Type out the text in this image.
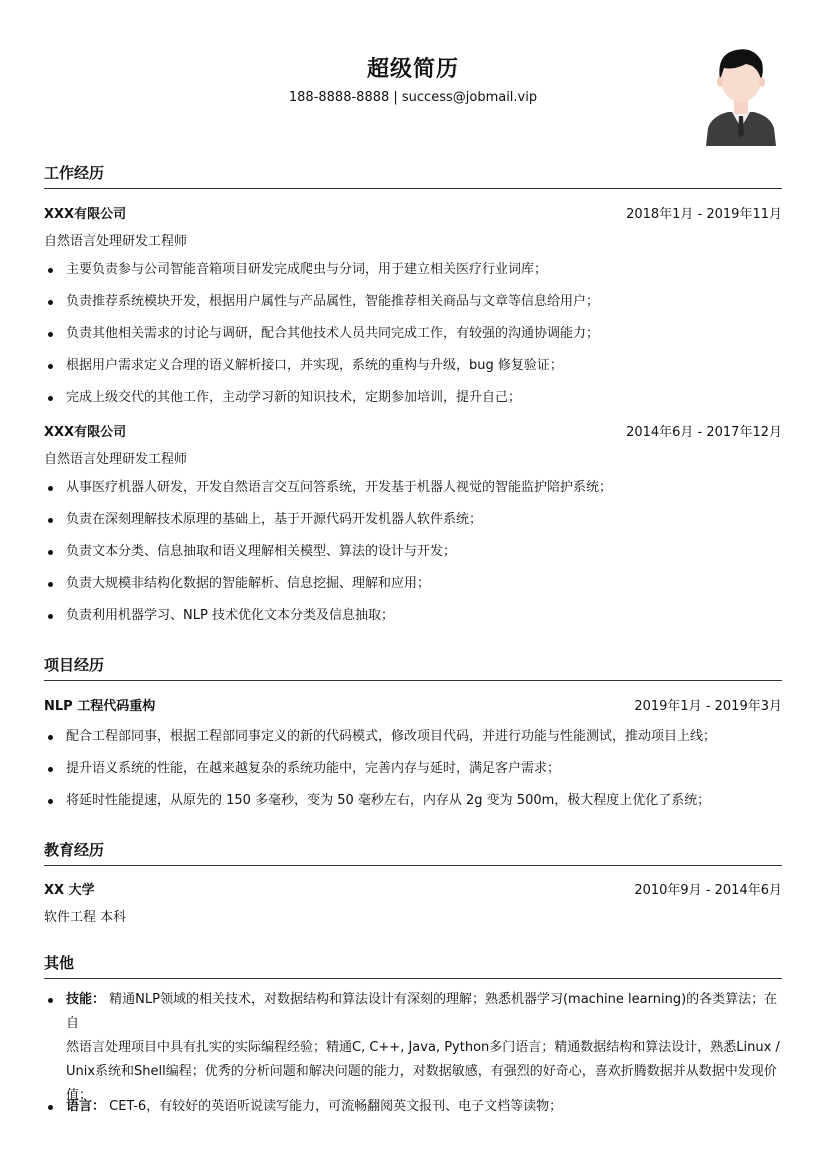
超级简历
188-8888-8888 | success@jobmail.vip
工作经历
XXX有限公司	2018年1月 - 2019年11月
自然语言处理研发工程师
主要负责参与公司智能音箱项目研发完成爬虫与分词，用于建立相关医疗行业词库；
负责推荐系统模块开发，根据用户属性与产品属性，智能推荐相关商品与文章等信息给用户；
负责其他相关需求的讨论与调研，配合其他技术人员共同完成工作，有较强的沟通协调能力；
根据用户需求定义合理的语义解析接口，并实现，系统的重构与升级，bug 修复验证；
完成上级交代的其他工作，主动学习新的知识技术，定期参加培训，提升自己；
XXX有限公司	2014年6月 - 2017年12月
自然语言处理研发工程师
从事医疗机器人研发，开发自然语言交互问答系统，开发基于机器人视觉的智能监护陪护系统；
负责在深刻理解技术原理的基础上，基于开源代码开发机器人软件系统；
负责文本分类、信息抽取和语义理解相关模型、算法的设计与开发；
负责大规模非结构化数据的智能解析、信息挖掘、理解和应用；
负责利用机器学习、NLP 技术优化文本分类及信息抽取；
项目经历
NLP 工程代码重构	2019年1月 - 2019年3月
配合工程部同事，根据工程部同事定义的新的代码模式，修改项目代码，并进行功能与性能测试，推动项目上线；
提升语义系统的性能，在越来越复杂的系统功能中，完善内存与延时，满足客户需求；
将延时性能提速，从原先的 150 多毫秒，变为 50 毫秒左右，内存从 2g 变为 500m，极大程度上优化了系统；
教育经历
XX 大学	2010年9月 - 2014年6月
软件工程 本科
其他
技能： 精通NLP领域的相关技术，对数据结构和算法设计有深刻的理解；熟悉机器学习(machine learning)的各类算法；在自
然语言处理项目中具有扎实的实际编程经验；精通C, C++, Java, Python多门语言；精通数据结构和算法设计，熟悉Linux /
Unix系统和Shell编程；优秀的分析问题和解决问题的能力，对数据敏感，有强烈的好奇心，喜欢折腾数据并从数据中发现价
值；
语言： CET-6，有较好的英语听说读写能力，可流畅翻阅英文报刊、电子文档等读物；
